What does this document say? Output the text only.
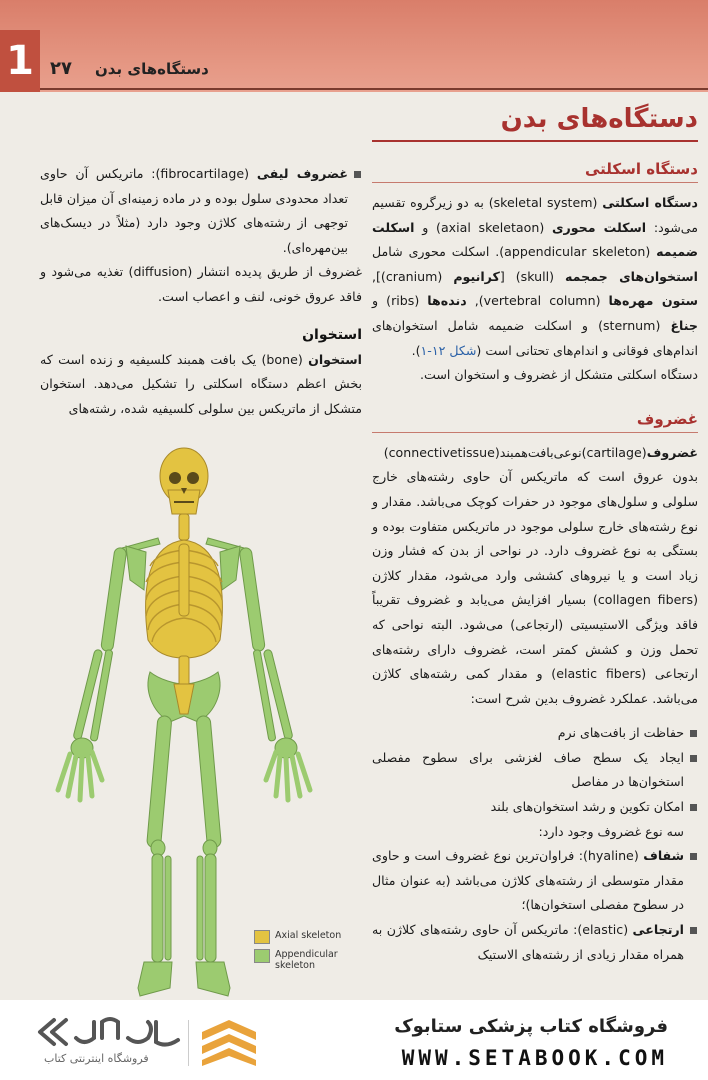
1 ۲۷ دستگاه‌های بدن
دستگاه‌های بدن
دستگاه اسکلتی

دستگاه اسکلتی (skeletal system) به دو زیرگروه تقسیم می‌شود: اسکلت محوری (axial skeletaon) و اسکلت ضمیمه (appendicular skeleton). اسکلت محوری شامل استخوان‌های جمجمه (skull) [کرانیوم (cranium)], ستون مهره‌ها (vertebral column), دنده‌ها (ribs) و جناغ (sternum) و اسکلت ضمیمه شامل استخوان‌های اندام‌های فوقانی و اندام‌های تحتانی است (شکل ۱۲-۱).

دستگاه اسکلتی متشکل از غضروف و استخوان است.

غضروف

غضروف(cartilage)نوعی‌بافت‌همبند(connectivetissue) بدون عروق است که ماتریکس آن حاوی رشته‌های خارج سلولی و سلول‌های موجود در حفرات کوچک می‌باشد. مقدار و نوع رشته‌های خارج سلولی موجود در ماتریکس متفاوت بوده و بستگی به نوع غضروف دارد. در نواحی از بدن که فشار وزن زیاد است و یا نیروهای کششی وارد می‌شود، مقدار کلاژن (collagen fibers) بسیار افزایش می‌یابد و غضروف تقریباً فاقد ویژگی الاستیسیتی (ارتجاعی) می‌شود. البته نواحی که تحمل وزن و کشش کمتر است، غضروف دارای رشته‌های ارتجاعی (elastic fibers) و مقدار کمی رشته‌های کلاژن می‌باشد. عملکرد غضروف بدین شرح است:

حفاظت از بافت‌های نرم

ایجاد یک سطح صاف لغزشی برای سطوح مفصلی استخوان‌ها در مفاصل

امکان تکوین و رشد استخوان‌های بلند

سه نوع غضروف وجود دارد:

شفاف (hyaline): فراوان‌ترین نوع غضروف است و حاوی مقدار متوسطی از رشته‌های کلاژن می‌باشد (به عنوان مثال در سطوح مفصلی استخوان‌ها)؛

ارتجاعی (elastic): ماتریکس آن حاوی رشته‌های کلاژن به همراه مقدار زیادی از رشته‌های الاستیک

غضروف لیفی (fibrocartilage): ماتریکس آن حاوی تعداد محدودی سلول بوده و در ماده زمینه‌ای آن میزان قابل توجهی از رشته‌های کلاژن وجود دارد (مثلاً در دیسک‌های بین‌مهره‌ای).

غضروف از طریق پدیده انتشار (diffusion) تغذیه می‌شود و فاقد عروق خونی، لنف و اعصاب است.

استخوان

استخوان (bone) یک بافت همبند کلسیفیه و زنده است که بخش اعظم دستگاه اسکلتی را تشکیل می‌دهد. استخوان متشکل از ماتریکس بین سلولی کلسیفیه شده، رشته‌های

Axial skeleton
Appendicular skeleton
فروشگاه اینترنتی کتاب
فروشگاه کتاب پزشکی ستابوک
WWW.SETABOOK.COM
